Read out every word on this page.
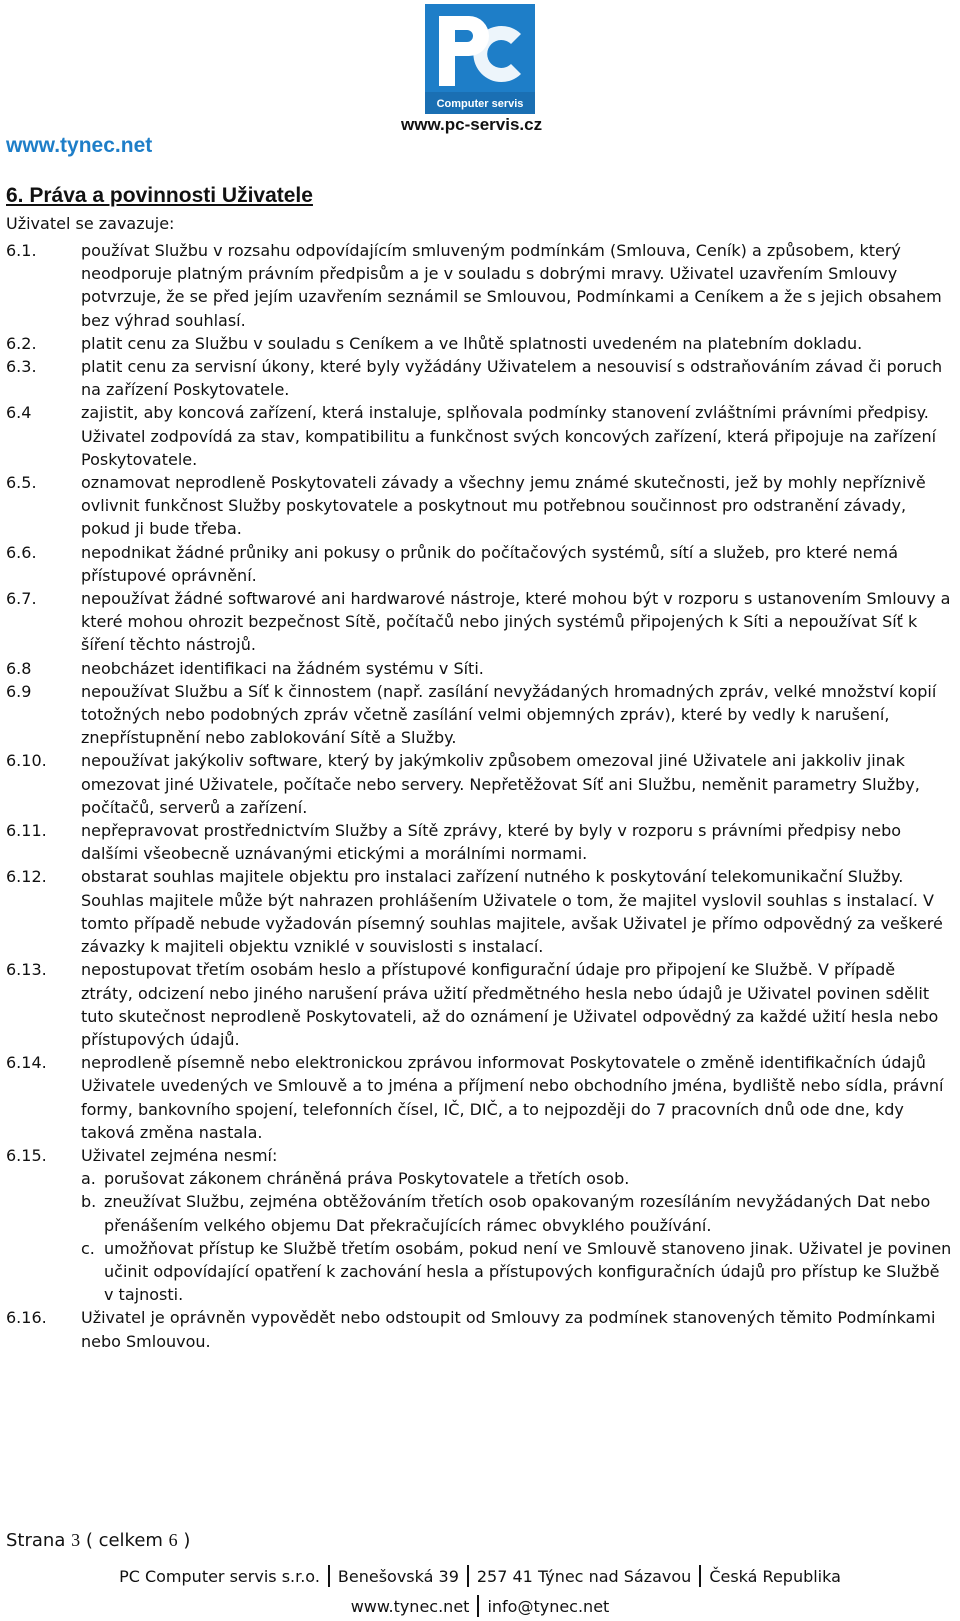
Computer servis
www.tynec.net
www.pc-servis.cz
6. Práva a povinnosti Uživatele
Uživatel se zavazuje:
6.1.	používat Službu v rozsahu odpovídajícím smluveným podmínkám (Smlouva, Ceník) a způsobem, který neodporuje platným právním předpisům a je v souladu s dobrými mravy. Uživatel uzavřením Smlouvy potvrzuje, že se před jejím uzavřením seznámil se Smlouvou, Podmínkami a Ceníkem a že s jejich obsahem bez výhrad souhlasí.
6.2.	platit cenu za Službu v souladu s Ceníkem a ve lhůtě splatnosti uvedeném na platebním dokladu.
6.3.	platit cenu za servisní úkony, které byly vyžádány Uživatelem a nesouvisí s odstraňováním závad či poruch na zařízení Poskytovatele.
6.4	zajistit, aby koncová zařízení, která instaluje, splňovala podmínky stanovení zvláštními právními předpisy. Uživatel zodpovídá za stav, kompatibilitu a funkčnost svých koncových zařízení, která připojuje na zařízení Poskytovatele.
6.5.	oznamovat neprodleně Poskytovateli závady a všechny jemu známé skutečnosti, jež by mohly nepříznivě ovlivnit funkčnost Služby poskytovatele a poskytnout mu potřebnou součinnost pro odstranění závady, pokud ji bude třeba.
6.6.	nepodnikat žádné průniky ani pokusy o průnik do počítačových systémů, sítí a služeb, pro které nemá přístupové oprávnění.
6.7.	nepoužívat žádné softwarové ani hardwarové nástroje, které mohou být v rozporu s ustanovením Smlouvy a které mohou ohrozit bezpečnost Sítě, počítačů nebo jiných systémů připojených k Síti a nepoužívat Síť k šíření těchto nástrojů.
6.8	neobcházet identifikaci na žádném systému v Síti.
6.9	nepoužívat Službu a Síť k činnostem (např. zasílání nevyžádaných hromadných zpráv, velké množství kopií totožných nebo podobných zpráv včetně zasílání velmi objemných zpráv), které by vedly k narušení, znepřístupnění nebo zablokování Sítě a Služby.
6.10.	nepoužívat jakýkoliv software, který by jakýmkoliv způsobem omezoval jiné Uživatele ani jakkoliv jinak omezovat jiné Uživatele, počítače nebo servery. Nepřetěžovat Síť ani Službu, neměnit parametry Služby, počítačů, serverů a zařízení.
6.11.	nepřepravovat prostřednictvím Služby a Sítě zprávy, které by byly v rozporu s právními předpisy nebo dalšími všeobecně uznávanými etickými a morálními normami.
6.12.	obstarat souhlas majitele objektu pro instalaci zařízení nutného k poskytování telekomunikační Služby. Souhlas majitele může být nahrazen prohlášením Uživatele o tom, že majitel vyslovil souhlas s instalací. V tomto případě nebude vyžadován písemný souhlas majitele, avšak Uživatel je přímo odpovědný za veškeré závazky k majiteli objektu vzniklé v souvislosti s instalací.
6.13.	nepostupovat třetím osobám heslo a přístupové konfigurační údaje pro připojení ke Službě. V případě ztráty, odcizení nebo jiného narušení práva užití předmětného hesla nebo údajů je Uživatel povinen sdělit tuto skutečnost neprodleně Poskytovateli, až do oznámení je Uživatel odpovědný za každé užití hesla nebo přístupových údajů.
6.14.	neprodleně písemně nebo elektronickou zprávou informovat Poskytovatele o změně identifikačních údajů Uživatele uvedených ve Smlouvě a to jména a příjmení nebo obchodního jména, bydliště nebo sídla, právní formy, bankovního spojení, telefonních čísel, IČ, DIČ, a to nejpozději do 7 pracovních dnů ode dne, kdy taková změna nastala.
6.15.	Uživatel zejména nesmí:
a. porušovat zákonem chráněná práva Poskytovatele a třetích osob.
b. zneužívat Službu, zejména obtěžováním třetích osob opakovaným rozesíláním nevyžádaných Dat nebo přenášením velkého objemu Dat překračujících rámec obvyklého používání.
c. umožňovat přístup ke Službě třetím osobám, pokud není ve Smlouvě stanoveno jinak. Uživatel je povinen učinit odpovídající opatření k zachování hesla a přístupových konfiguračních údajů pro přístup ke Službě v tajnosti.
6.16.	Uživatel je oprávněn vypovědět nebo odstoupit od Smlouvy za podmínek stanovených těmito Podmínkami nebo Smlouvou.
Strana 3 ( celkem 6 )
PC Computer servis s.r.o.	Benešovská 39	257 41 Týnec nad Sázavou	Česká Republika
www.tynec.net	info@tynec.net
